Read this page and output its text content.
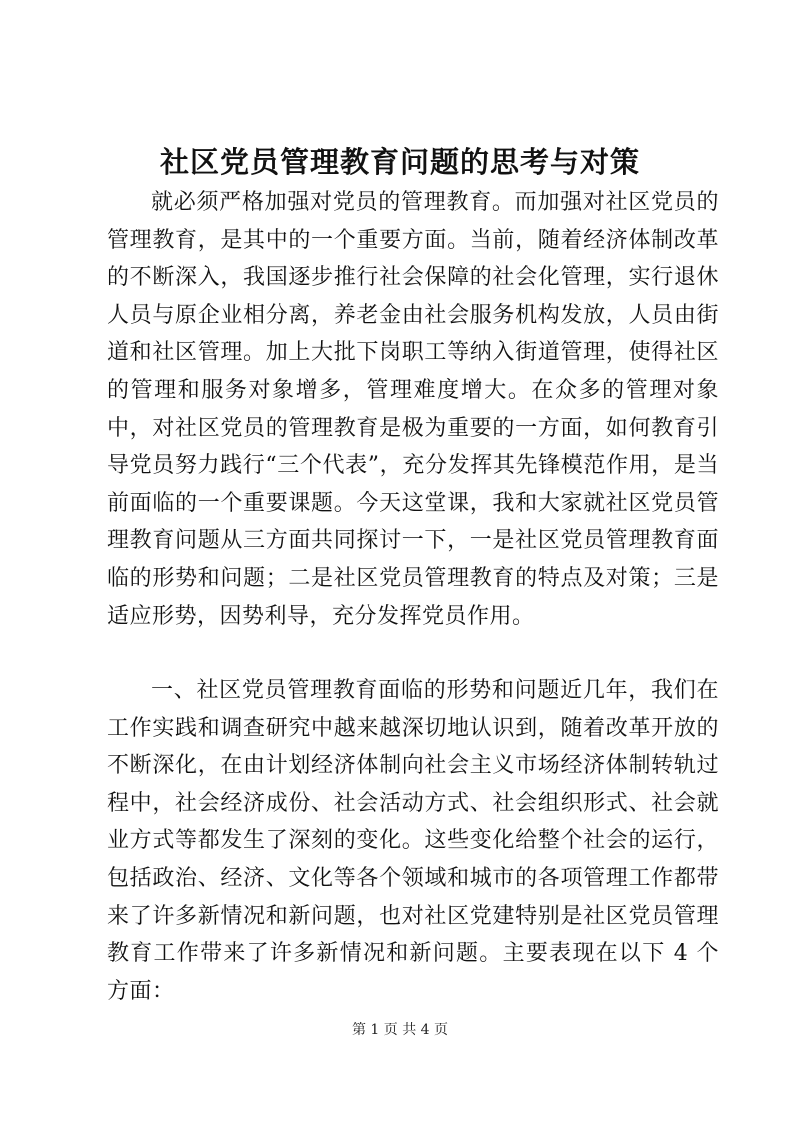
社区党员管理教育问题的思考与对策

就必须严格加强对党员的管理教育。而加强对社区党员的管理教育，是其中的一个重要方面。当前，随着经济体制改革的不断深入，我国逐步推行社会保障的社会化管理，实行退休人员与原企业相分离，养老金由社会服务机构发放，人员由街道和社区管理。加上大批下岗职工等纳入街道管理，使得社区的管理和服务对象增多，管理难度增大。在众多的管理对象中，对社区党员的管理教育是极为重要的一方面，如何教育引导党员努力践行“三个代表”，充分发挥其先锋模范作用，是当前面临的一个重要课题。今天这堂课，我和大家就社区党员管理教育问题从三方面共同探讨一下，一是社区党员管理教育面临的形势和问题；二是社区党员管理教育的特点及对策；三是适应形势，因势利导，充分发挥党员作用。

一、社区党员管理教育面临的形势和问题近几年，我们在工作实践和调查研究中越来越深切地认识到，随着改革开放的不断深化，在由计划经济体制向社会主义市场经济体制转轨过程中，社会经济成份、社会活动方式、社会组织形式、社会就业方式等都发生了深刻的变化。这些变化给整个社会的运行，包括政治、经济、文化等各个领域和城市的各项管理工作都带来了许多新情况和新问题，也对社区党建特别是社区党员管理教育工作带来了许多新情况和新问题。主要表现在以下 4 个方面：

第 1 页 共 4 页
